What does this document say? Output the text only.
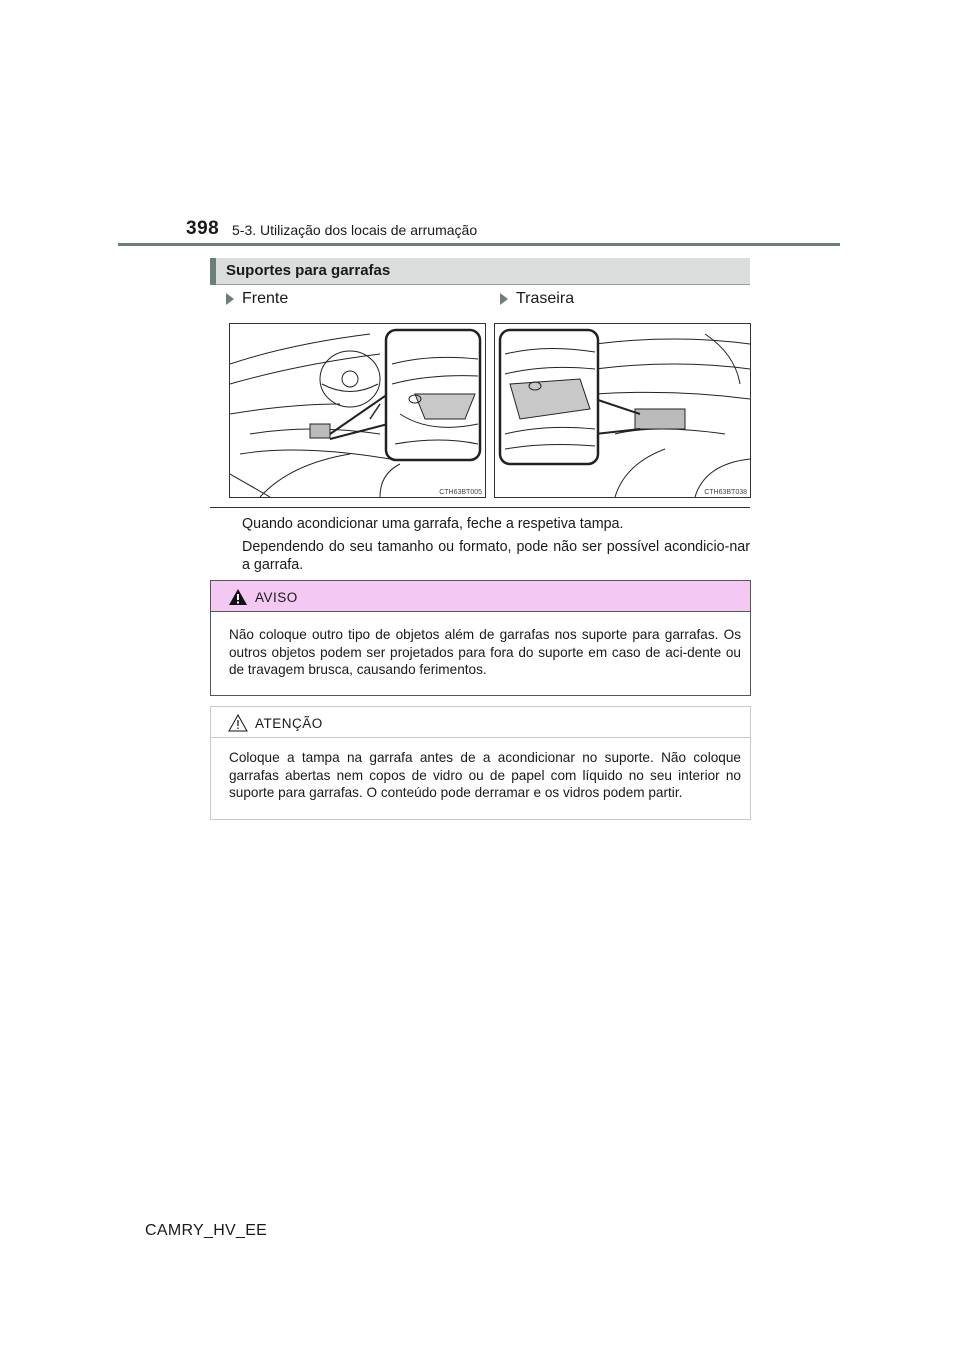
398 5-3. Utilização dos locais de arrumação
Suportes para garrafas
Frente	Traseira
CTH63BT005	CTH63BT038
Quando acondicionar uma garrafa, feche a respetiva tampa.
Dependendo do seu tamanho ou formato, pode não ser possível acondicio-nar a garrafa.
AVISO
Não coloque outro tipo de objetos além de garrafas nos suporte para garrafas. Os outros objetos podem ser projetados para fora do suporte em caso de aci-dente ou de travagem brusca, causando ferimentos.
ATENÇÃO
Coloque a tampa na garrafa antes de a acondicionar no suporte. Não coloque garrafas abertas nem copos de vidro ou de papel com líquido no seu interior no suporte para garrafas. O conteúdo pode derramar e os vidros podem partir.
CAMRY_HV_EE
